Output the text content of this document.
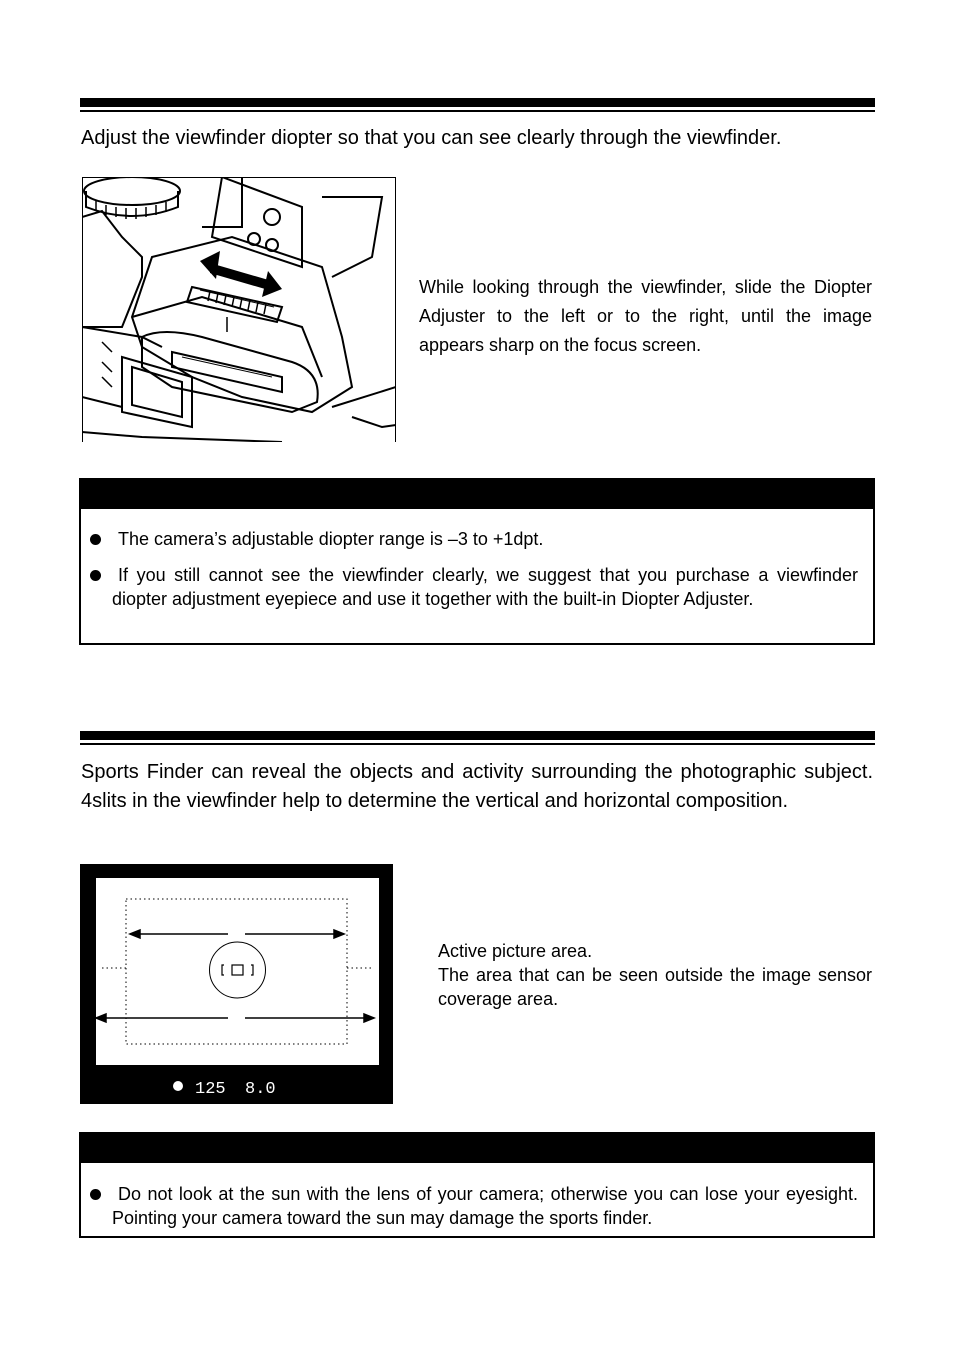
Adjust the viewfinder diopter so that you can see clearly through the viewfinder.
While looking through the viewfinder, slide the Diopter Adjuster to the left or to the right, until the image appears sharp on the focus screen.
The camera’s adjustable diopter range is –3 to +1dpt.
If you still cannot see the viewfinder clearly, we suggest that you purchase a viewfinder diopter adjustment eyepiece and use it together with the built-in Diopter Adjuster.
Sports Finder can reveal the objects and activity surrounding the photographic subject. 4slits in the viewfinder help to determine the vertical and horizontal composition.
125 8.0
Active picture area.
The area that can be seen outside the image sensor coverage area.
Do not look at the sun with the lens of your camera; otherwise you can lose your eyesight. Pointing your camera toward the sun may damage the sports finder.
